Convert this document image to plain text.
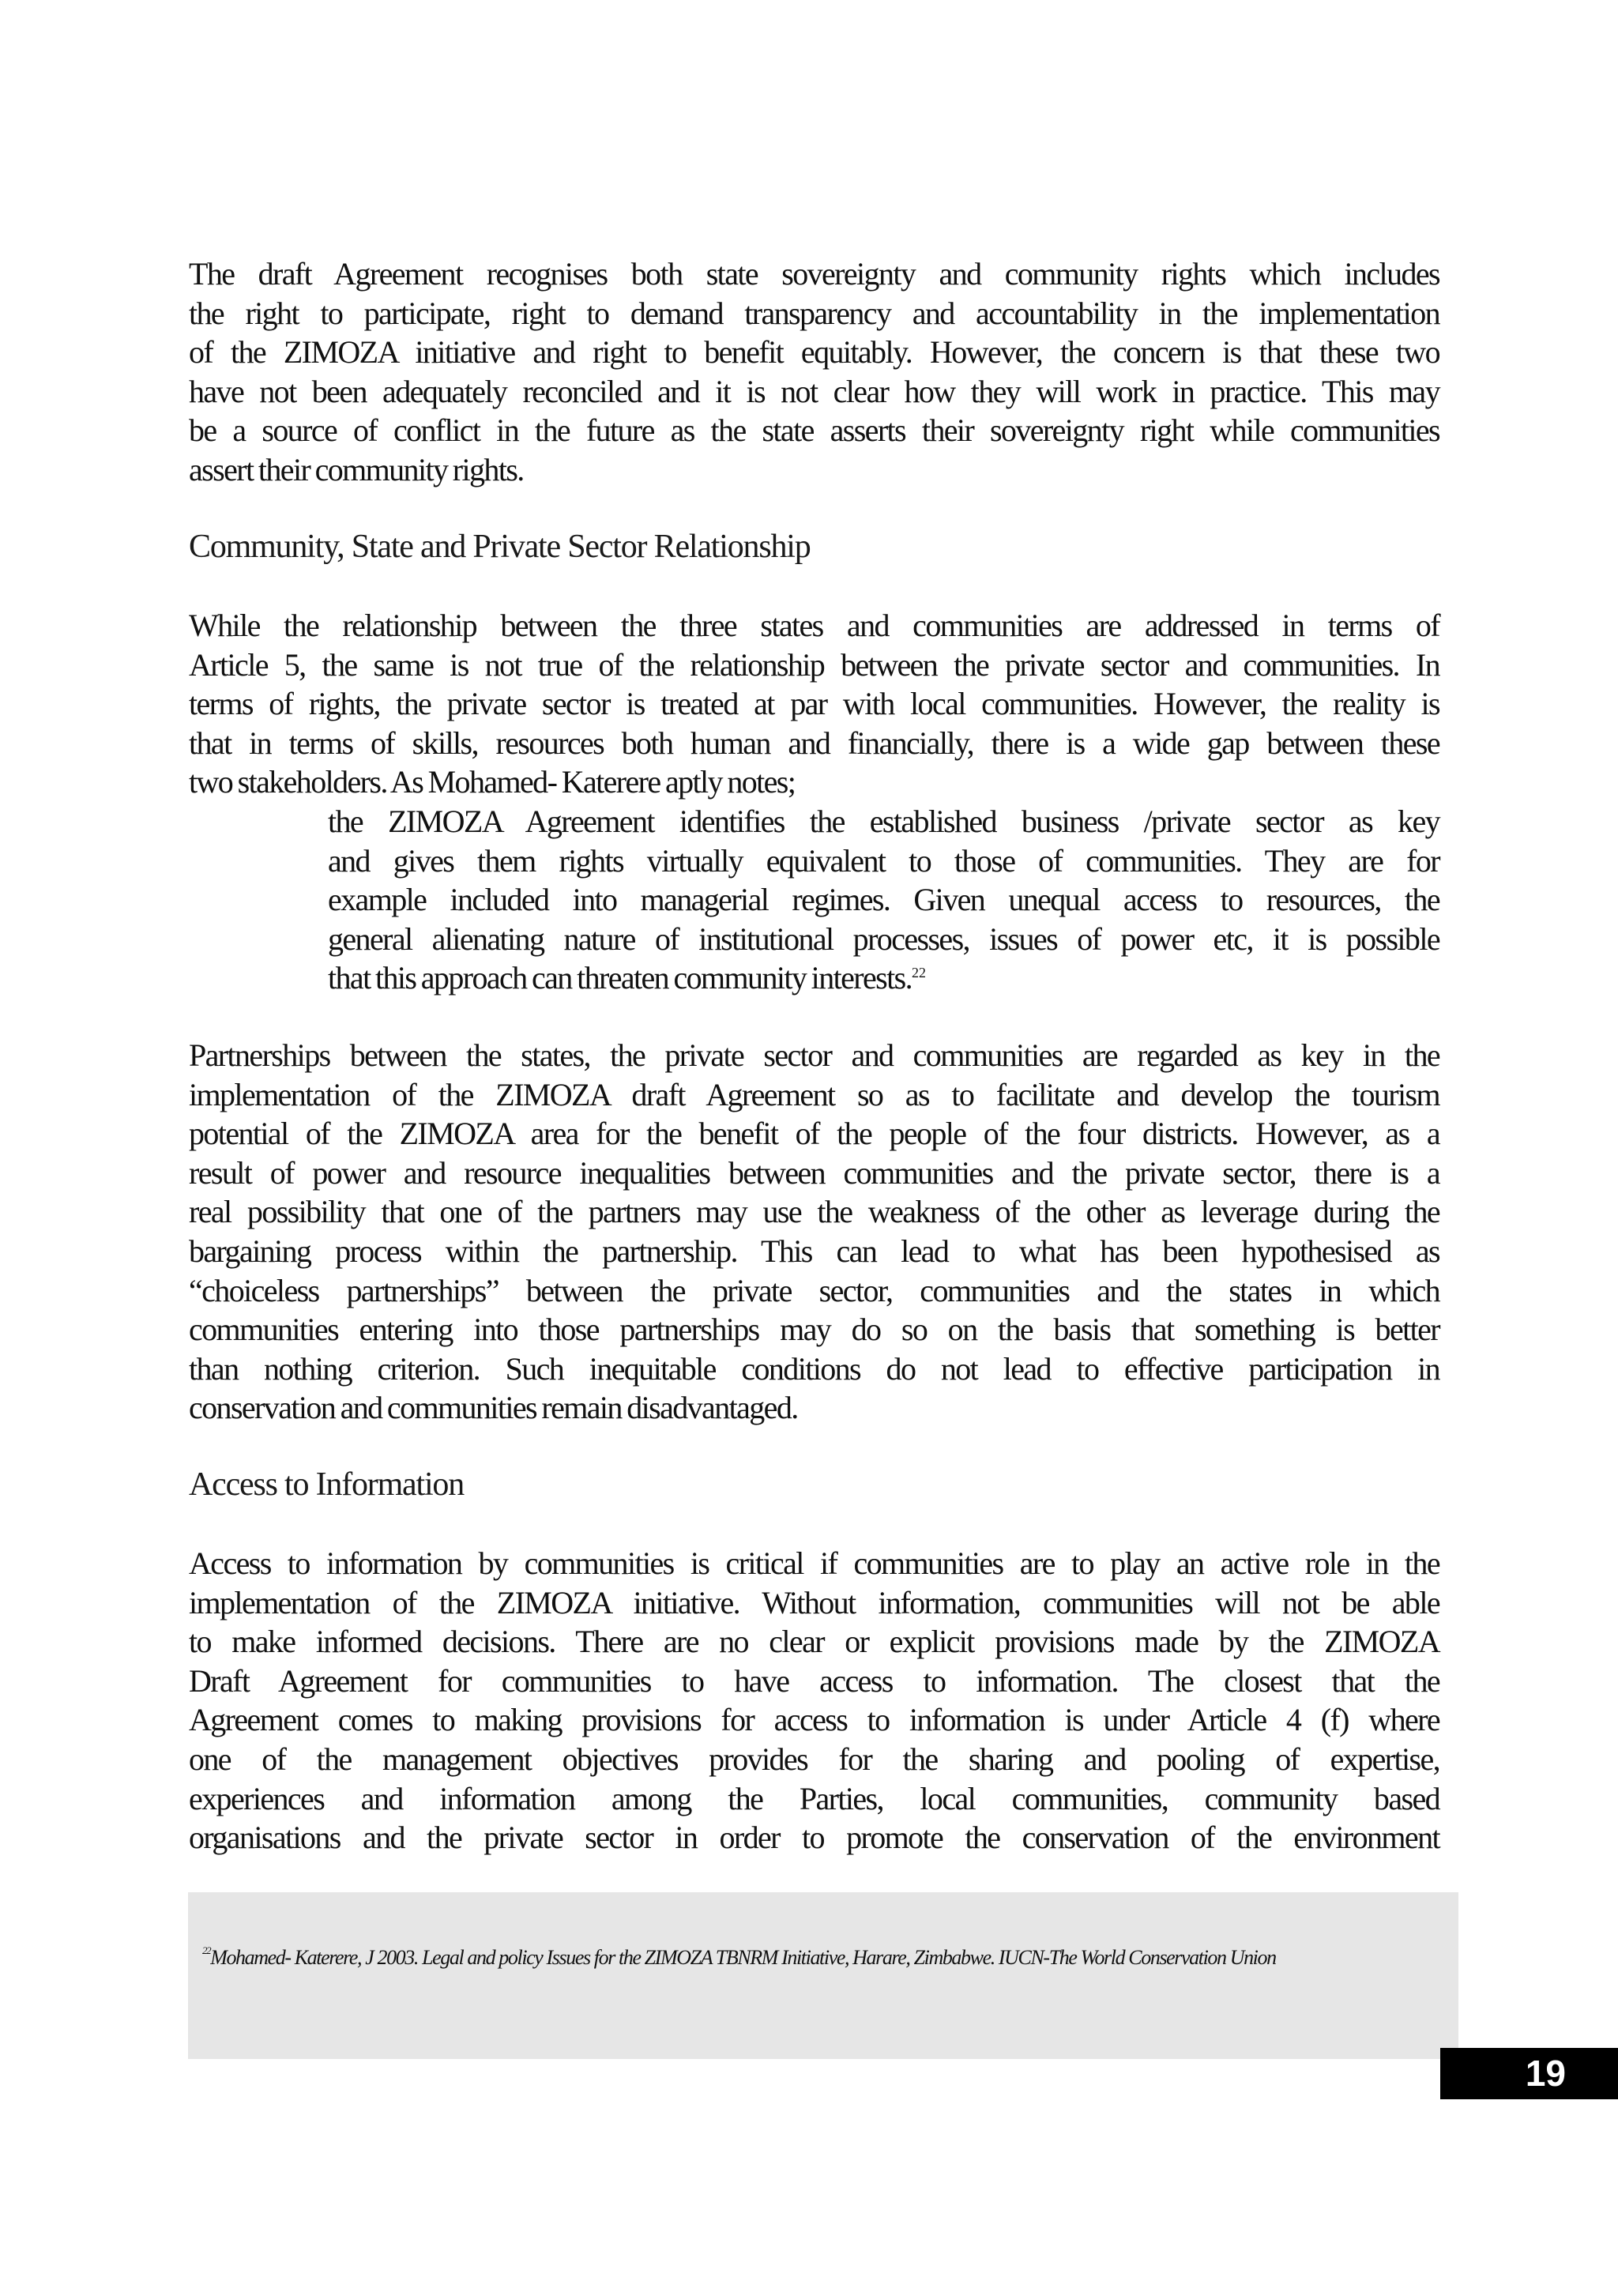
The draft Agreement recognises both state sovereignty and community rights which includes
the right to participate, right to demand transparency and accountability in the implementation
of the ZIMOZA initiative and right to benefit equitably. However, the concern is that these two
have not been adequately reconciled and it is not clear how they will work in practice. This may
be a source of conflict in the future as the state asserts their sovereignty right while communities
assert their community rights.
Community, State and Private Sector Relationship
While the relationship between the three states and communities are addressed in terms of
Article 5, the same is not true of the relationship between the private sector and communities. In
terms of rights, the private sector is treated at par with local communities. However, the reality is
that in terms of skills, resources both human and financially, there is a wide gap between these
two stakeholders. As Mohamed- Katerere aptly notes;
the ZIMOZA Agreement identifies the established business /private sector as key
and gives them rights virtually equivalent to those of communities. They are for
example included into managerial regimes. Given unequal access to resources, the
general alienating nature of institutional processes, issues of power etc, it is possible
that this approach can threaten community interests.$^{22}$
Partnerships between the states, the private sector and communities are regarded as key in the
implementation of the ZIMOZA draft Agreement so as to facilitate and develop the tourism
potential of the ZIMOZA area for the benefit of the people of the four districts. However, as a
result of power and resource inequalities between communities and the private sector, there is a
real possibility that one of the partners may use the weakness of the other as leverage during the
bargaining process within the partnership. This can lead to what has been hypothesised as
“choiceless partnerships” between the private sector, communities and the states in which
communities entering into those partnerships may do so on the basis that something is better
than nothing criterion. Such inequitable conditions do not lead to effective participation in
conservation and communities remain disadvantaged.
Access to Information
Access to information by communities is critical if communities are to play an active role in the
implementation of the ZIMOZA initiative. Without information, communities will not be able
to make informed decisions. There are no clear or explicit provisions made by the ZIMOZA
Draft Agreement for communities to have access to information. The closest that the
Agreement comes to making provisions for access to information is under Article 4 (f) where
one of the management objectives provides for the sharing and pooling of expertise,
experiences and information among the Parties, local communities, community based
organisations and the private sector in order to promote the conservation of the environment
$^{22}$Mohamed- Katerere, J 2003. Legal and policy Issues for the ZIMOZA TBNRM Initiative, Harare, Zimbabwe. IUCN-The World Conservation Union
19
